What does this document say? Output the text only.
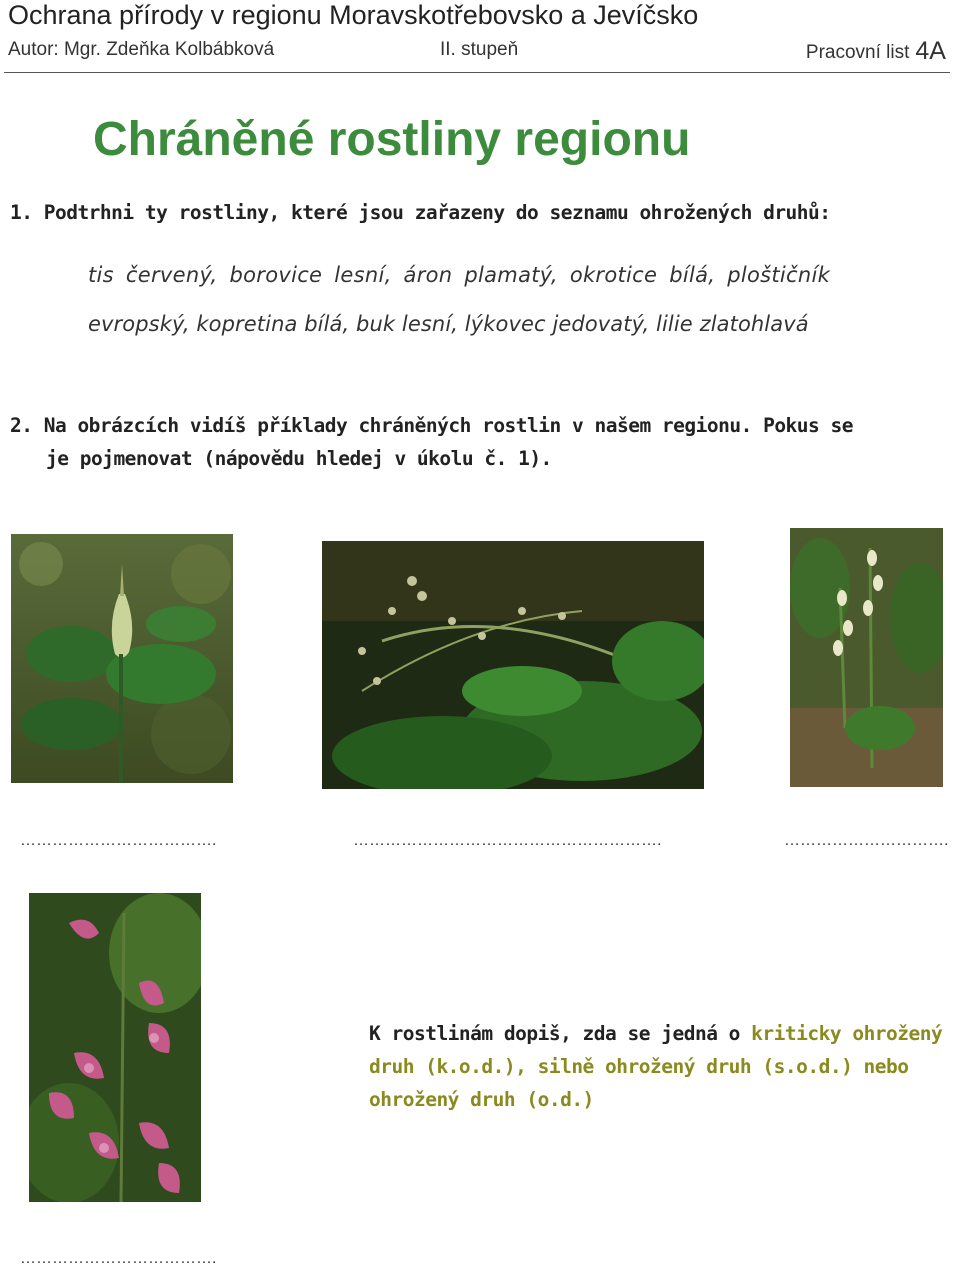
Ochrana přírody v regionu Moravskotřebovsko a Jevíčsko
Autor: Mgr. Zdeňka Kolbábková	II. stupeň	Pracovní list 4A
Chráněné rostliny regionu
1. Podtrhni ty rostliny, které jsou zařazeny do seznamu ohrožených druhů:
tis červený, borovice lesní, áron plamatý, okrotice bílá, ploštičník
evropský, kopretina bílá, buk lesní, lýkovec jedovatý, lilie zlatohlavá
2. Na obrázcích vidíš příklady chráněných rostlin v našem regionu. Pokus se
je pojmenovat (nápovědu hledej v úkolu č. 1).
……………………………….	………………………………………………….	………………………….
……………………………….
K rostlinám dopiš, zda se jedná o kriticky ohrožený druh (k.o.d.), silně ohrožený druh (s.o.d.) nebo ohrožený druh (o.d.)
